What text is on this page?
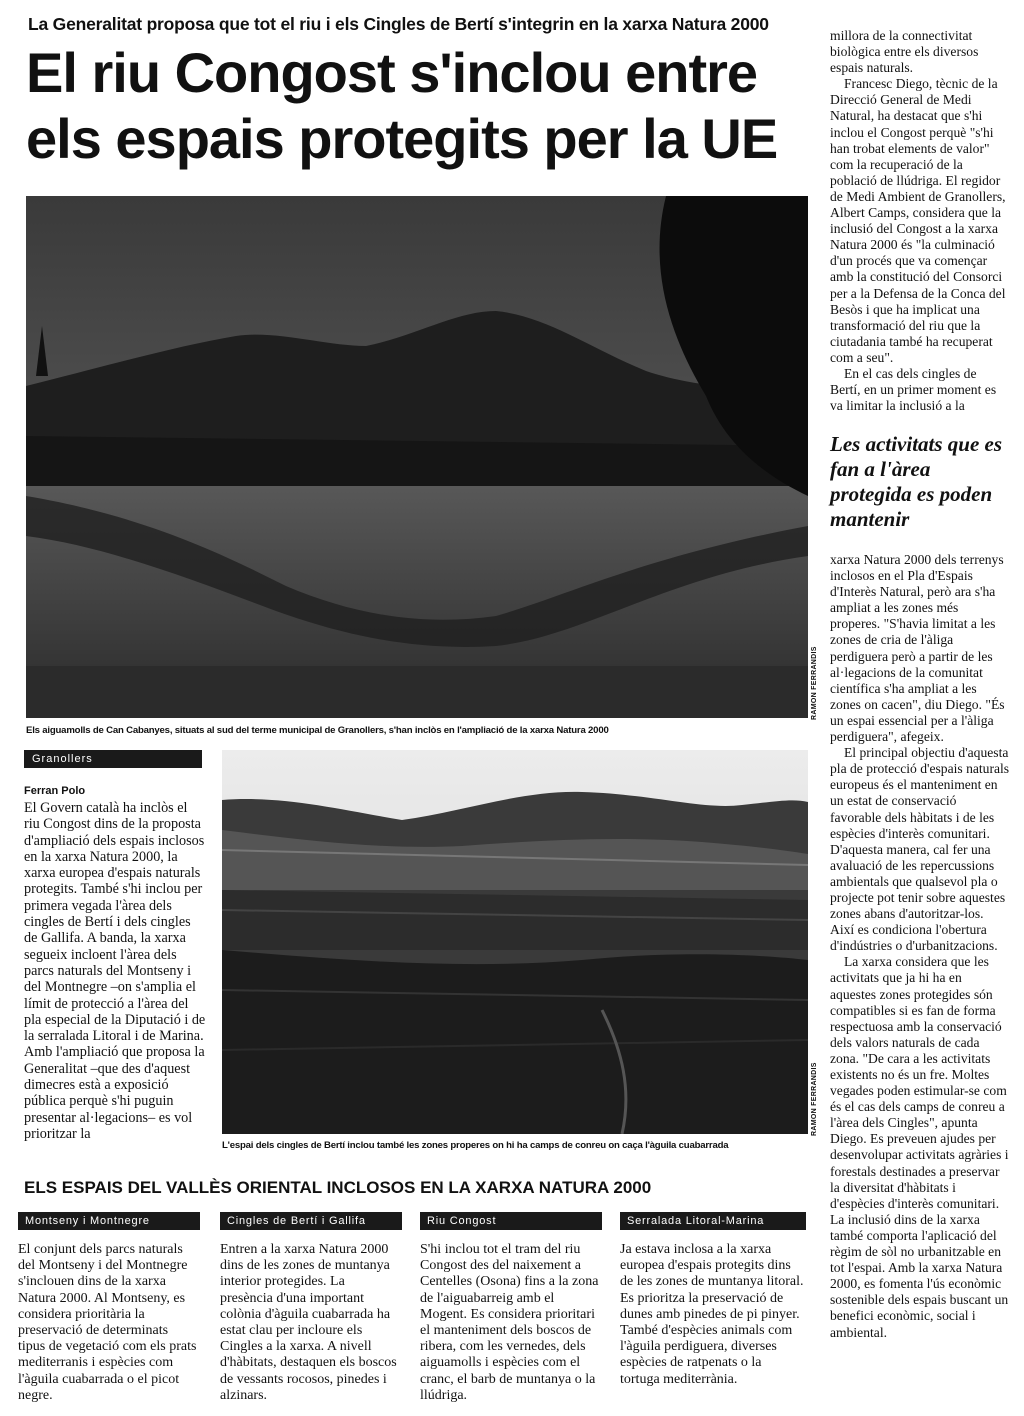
La Generalitat proposa que tot el riu i els Cingles de Bertí s'integrin en la xarxa Natura 2000
El riu Congost s'inclou entre els espais protegits per la UE
RAMON FERRANDIS
Els aiguamolls de Can Cabanyes, situats al sud del terme municipal de Granollers, s'han inclòs en l'ampliació de la xarxa Natura 2000
RAMON FERRANDIS
L'espai dels cingles de Bertí inclou també les zones properes on hi ha camps de conreu on caça l'àguila cuabarrada
Granollers
Ferran Polo

El Govern català ha inclòs el riu Congost dins de la proposta d'ampliació dels espais inclosos en la xarxa Natura 2000, la xarxa europea d'espais naturals protegits. També s'hi inclou per primera vegada l'àrea dels cingles de Bertí i dels cingles de Gallifa. A banda, la xarxa segueix incloent l'àrea dels parcs naturals del Montseny i del Montnegre –on s'amplia el límit de protecció a l'àrea del pla especial de la Diputació i de la serralada Litoral i de Marina. Amb l'ampliació que proposa la Generalitat –que des d'aquest dimecres està a exposició pública perquè s'hi puguin presentar al·legacions– es vol prioritzar la

millora de la connectivitat biològica entre els diversos espais naturals.

Francesc Diego, tècnic de la Direcció General de Medi Natural, ha destacat que s'hi inclou el Congost perquè "s'hi han trobat elements de valor" com la recuperació de la població de llúdriga. El regidor de Medi Ambient de Granollers, Albert Camps, considera que la inclusió del Congost a la xarxa Natura 2000 és "la culminació d'un procés que va començar amb la constitució del Consorci per a la Defensa de la Conca del Besòs i que ha implicat una transformació del riu que la ciutadania també ha recuperat com a seu".

En el cas dels cingles de Bertí, en un primer moment es va limitar la inclusió a la

Les activitats que es fan a l'àrea protegida es poden mantenir

xarxa Natura 2000 dels terrenys inclosos en el Pla d'Espais d'Interès Natural, però ara s'ha ampliat a les zones més properes. "S'havia limitat a les zones de cria de l'àliga perdiguera però a partir de les al·legacions de la comunitat científica s'ha ampliat a les zones on cacen", diu Diego. "És un espai essencial per a l'àliga perdiguera", afegeix.

El principal objectiu d'aquesta pla de protecció d'espais naturals europeus és el manteniment en un estat de conservació favorable dels hàbitats i de les espècies d'interès comunitari. D'aquesta manera, cal fer una avaluació de les repercussions ambientals que qualsevol pla o projecte pot tenir sobre aquestes zones abans d'autoritzar-los. Així es condiciona l'obertura d'indústries o d'urbanitzacions.

La xarxa considera que les activitats que ja hi ha en aquestes zones protegides són compatibles si es fan de forma respectuosa amb la conservació dels valors naturals de cada zona. "De cara a les activitats existents no és un fre. Moltes vegades poden estimular-se com és el cas dels camps de conreu a l'àrea dels Cingles", apunta Diego. Es preveuen ajudes per desenvolupar activitats agràries i forestals destinades a preservar la diversitat d'hàbitats i d'espècies d'interès comunitari. La inclusió dins de la xarxa també comporta l'aplicació del règim de sòl no urbanitzable en tot l'espai. Amb la xarxa Natura 2000, es fomenta l'ús econòmic sostenible dels espais buscant un benefici econòmic, social i ambiental.

ELS ESPAIS DEL VALLÈS ORIENTAL INCLOSOS EN LA XARXA NATURA 2000
Montseny i Montnegre
El conjunt dels parcs naturals del Montseny i del Montnegre s'inclouen dins de la xarxa Natura 2000. Al Montseny, es considera prioritària la preservació de determinats tipus de vegetació com els prats mediterranis i espècies com l'àguila cuabarrada o el picot negre.
Cingles de Bertí i Gallifa
Entren a la xarxa Natura 2000 dins de les zones de muntanya interior protegides. La presència d'una important colònia d'àguila cuabarrada ha estat clau per incloure els Cingles a la xarxa. A nivell d'hàbitats, destaquen els boscos de vessants rocosos, pinedes i alzinars.
Riu Congost
S'hi inclou tot el tram del riu Congost des del naixement a Centelles (Osona) fins a la zona de l'aiguabarreig amb el Mogent. Es considera prioritari el manteniment dels boscos de ribera, com les vernedes, dels aiguamolls i espècies com el cranc, el barb de muntanya o la llúdriga.
Serralada Litoral-Marina
Ja estava inclosa a la xarxa europea d'espais protegits dins de les zones de muntanya litoral. Es prioritza la preservació de dunes amb pinedes de pi pinyer. També d'espècies animals com l'àguila perdiguera, diverses espècies de ratpenats o la tortuga mediterrània.
